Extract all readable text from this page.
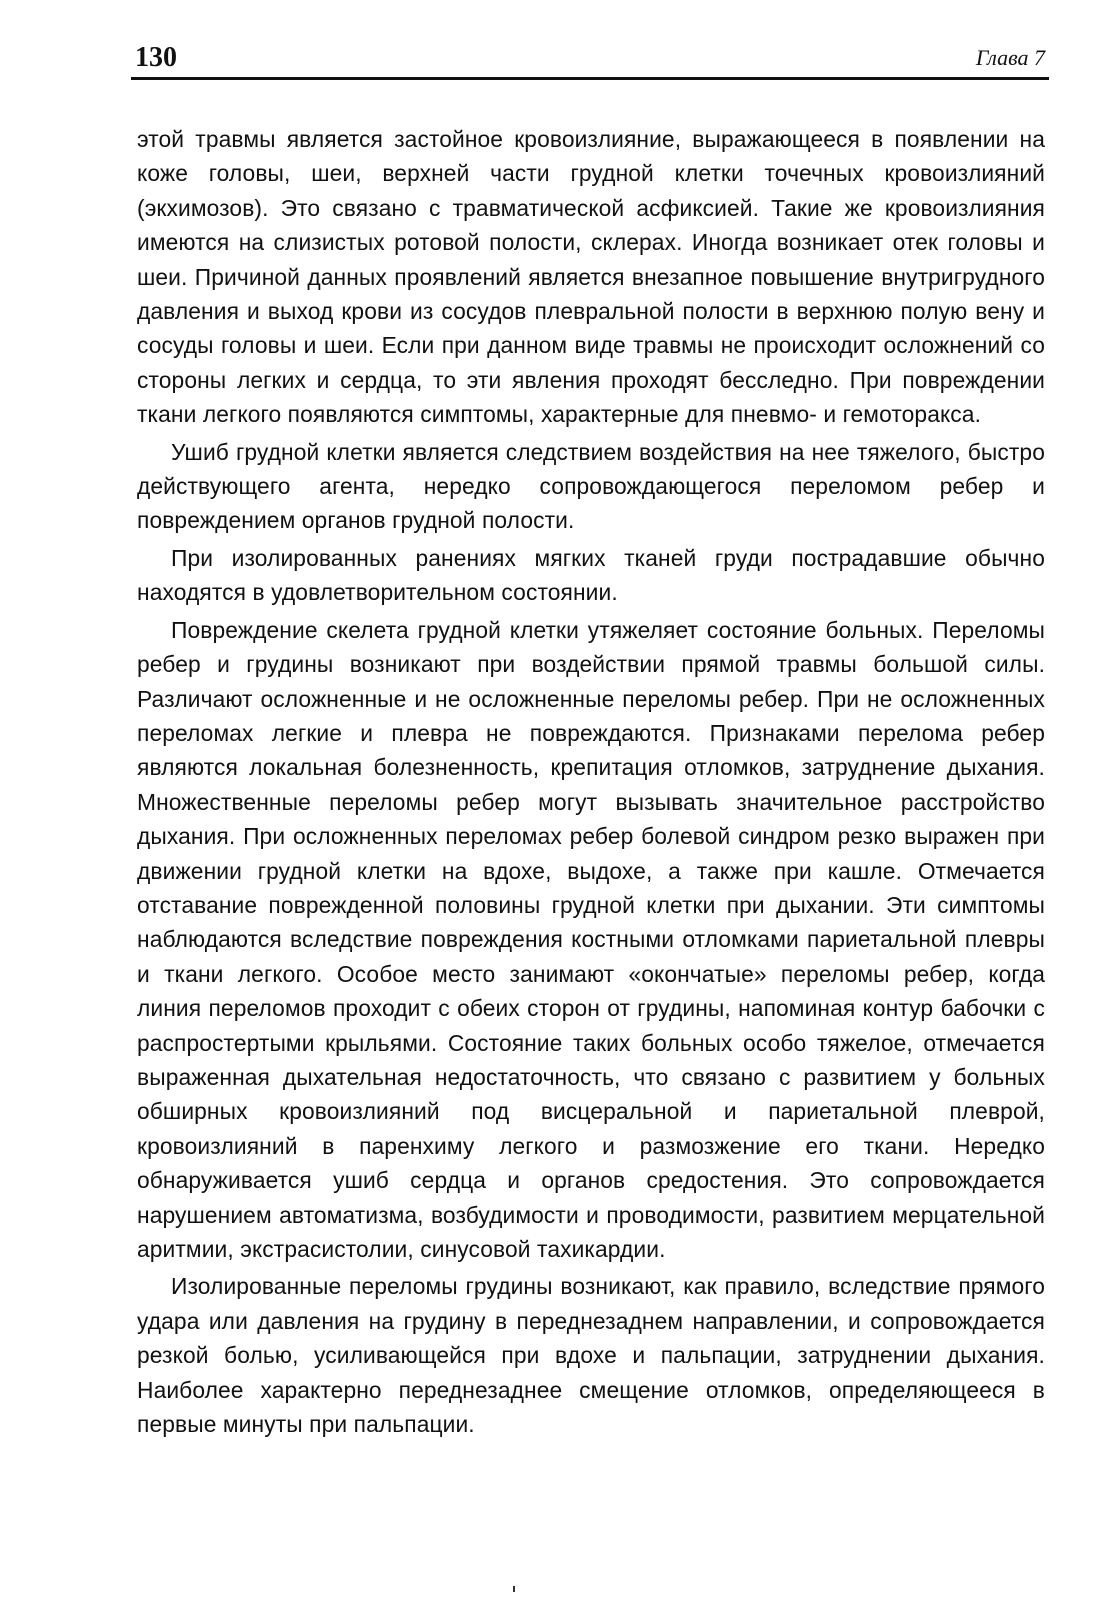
130	Глава 7

этой травмы является застойное кровоизлияние, выражающееся в появлении на коже головы, шеи, верхней части грудной клетки точечных кровоизлияний (экхимозов). Это связано с травматической асфиксией. Такие же кровоизлияния имеются на слизистых ротовой полости, склерах. Иногда возникает отек головы и шеи. Причиной данных проявлений является внезапное повышение внутригрудного давления и выход крови из сосудов плевральной полости в верхнюю полую вену и сосуды головы и шеи. Если при данном виде травмы не происходит осложнений со стороны легких и сердца, то эти явления проходят бесследно. При повреждении ткани легкого появляются симптомы, характерные для пневмо- и гемоторакса.

Ушиб грудной клетки является следствием воздействия на нее тяжелого, быстро действующего агента, нередко сопровождающегося переломом ребер и повреждением органов грудной полости.

При изолированных ранениях мягких тканей груди пострадавшие обычно находятся в удовлетворительном состоянии.

Повреждение скелета грудной клетки утяжеляет состояние больных. Переломы ребер и грудины возникают при воздействии прямой травмы большой силы. Различают осложненные и не осложненные переломы ребер. При не осложненных переломах легкие и плевра не повреждаются. Признаками перелома ребер являются локальная болезненность, крепитация отломков, затруднение дыхания. Множественные переломы ребер могут вызывать значительное расстройство дыхания. При осложненных переломах ребер болевой синдром резко выражен при движении грудной клетки на вдохе, выдохе, а также при кашле. Отмечается отставание поврежденной половины грудной клетки при дыхании. Эти симптомы наблюдаются вследствие повреждения костными отломками париетальной плевры и ткани легкого. Особое место занимают «окончатые» переломы ребер, когда линия переломов проходит с обеих сторон от грудины, напоминая контур бабочки с распростертыми крыльями. Состояние таких больных особо тяжелое, отмечается выраженная дыхательная недостаточность, что связано с развитием у больных обширных кровоизлияний под висцеральной и париетальной плеврой, кровоизлияний в паренхиму легкого и размозжение его ткани. Нередко обнаруживается ушиб сердца и органов средостения. Это сопровождается нарушением автоматизма, возбудимости и проводимости, развитием мерцательной аритмии, экстрасистолии, синусовой тахикардии.

Изолированные переломы грудины возникают, как правило, вследствие прямого удара или давления на грудину в переднезаднем направлении, и сопровождается резкой болью, усиливающейся при вдохе и пальпации, затруднении дыхания. Наиболее характерно переднезаднее смещение отломков, определяющееся в первые минуты при пальпации.
